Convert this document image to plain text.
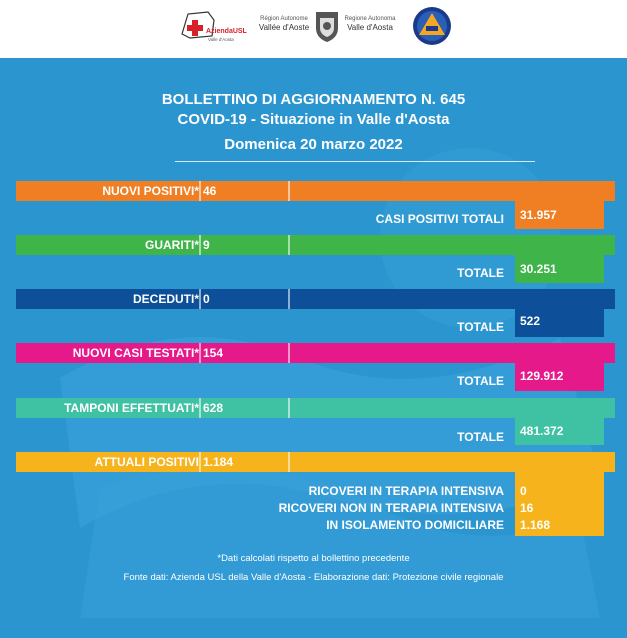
AziendaUSL
Valle d'Aosta
Région Autonome
Vallée d'Aoste
Regione Autonoma
Valle d'Aosta
BOLLETTINO DI AGGIORNAMENTO N. 645
COVID-19 - Situazione in Valle d'Aosta
Domenica 20 marzo 2022
NUOVI POSITIVI* 46
CASI POSITIVI TOTALI 31.957
GUARITI* 9
TOTALE 30.251
DECEDUTI* 0
TOTALE 522
NUOVI CASI TESTATI* 154
TOTALE 129.912
TAMPONI EFFETTUATI* 628
TOTALE 481.372
ATTUALI POSITIVI 1.184
RICOVERI IN TERAPIA INTENSIVA 0
RICOVERI NON IN TERAPIA INTENSIVA 16
IN ISOLAMENTO DOMICILIARE 1.168
*Dati calcolati rispetto al bollettino precedente
Fonte dati: Azienda USL della Valle d'Aosta - Elaborazione dati: Protezione civile regionale
